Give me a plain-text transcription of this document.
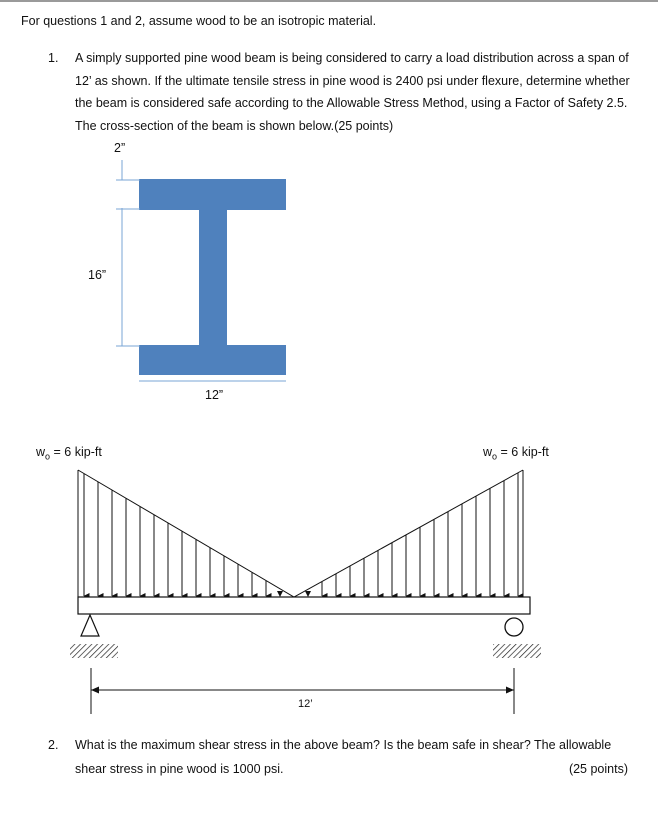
For questions 1 and 2, assume wood to be an isotropic material.
1. A simply supported pine wood beam is being considered to carry a load distribution across a span of 12’ as shown. If the ultimate tensile stress in pine wood is 2400 psi under flexure, determine whether the beam is considered safe according to the Allowable Stress Method, using a Factor of Safety 2.5. The cross-section of the beam is shown below.(25 points)
2”
16”
12”
$w_o = 6$ kip-ft	$w_o = 6$ kip-ft
12’
2. What is the maximum shear stress in the above beam? Is the beam safe in shear? The allowable shear stress in pine wood is 1000 psi.	(25 points)
